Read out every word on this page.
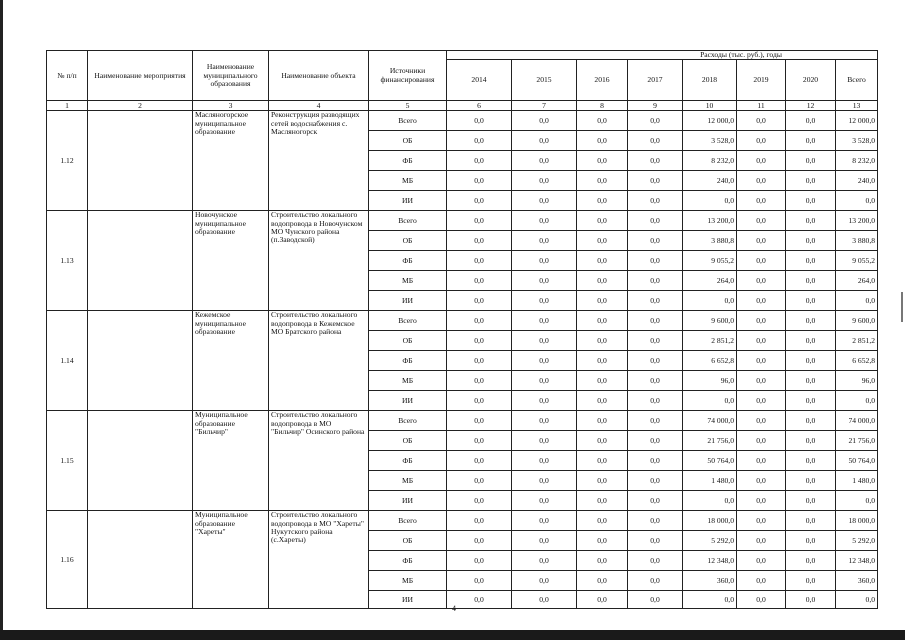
№ п/п	Наименование мероприятия	Наименование муниципального образования	Наименование объекта	Источники финансирования	Расходы (тыс. руб.), годы							
					2014	2015	2016	2017	2018	2019	2020	Всего
1	2	3	4	5	6	7	8	9	10	11	12	13
1.12		Масляногорское муниципальное образование	Реконструкция разводящих сетей водоснабжения с. Масляногорск	Всего	0,0	0,0	0,0	0,0	12 000,0	0,0	0,0	12 000,0
				ОБ	0,0	0,0	0,0	0,0	3 528,0	0,0	0,0	3 528,0
				ФБ	0,0	0,0	0,0	0,0	8 232,0	0,0	0,0	8 232,0
				МБ	0,0	0,0	0,0	0,0	240,0	0,0	0,0	240,0
				ИИ	0,0	0,0	0,0	0,0	0,0	0,0	0,0	0,0
1.13		Новочунское муниципальное образование	Строительство локального водопровода в Новочунском МО Чунского района (п.Заводской)	Всего	0,0	0,0	0,0	0,0	13 200,0	0,0	0,0	13 200,0
				ОБ	0,0	0,0	0,0	0,0	3 880,8	0,0	0,0	3 880,8
				ФБ	0,0	0,0	0,0	0,0	9 055,2	0,0	0,0	9 055,2
				МБ	0,0	0,0	0,0	0,0	264,0	0,0	0,0	264,0
				ИИ	0,0	0,0	0,0	0,0	0,0	0,0	0,0	0,0
1.14		Кежемское муниципальное образование	Строительство локального водопровода в Кежемское МО Братского района	Всего	0,0	0,0	0,0	0,0	9 600,0	0,0	0,0	9 600,0
				ОБ	0,0	0,0	0,0	0,0	2 851,2	0,0	0,0	2 851,2
				ФБ	0,0	0,0	0,0	0,0	6 652,8	0,0	0,0	6 652,8
				МБ	0,0	0,0	0,0	0,0	96,0	0,0	0,0	96,0
				ИИ	0,0	0,0	0,0	0,0	0,0	0,0	0,0	0,0
1.15		Муниципальное образование "Бильчир"	Строительство локального водопровода в МО "Бильчир" Осинского района	Всего	0,0	0,0	0,0	0,0	74 000,0	0,0	0,0	74 000,0
				ОБ	0,0	0,0	0,0	0,0	21 756,0	0,0	0,0	21 756,0
				ФБ	0,0	0,0	0,0	0,0	50 764,0	0,0	0,0	50 764,0
				МБ	0,0	0,0	0,0	0,0	1 480,0	0,0	0,0	1 480,0
				ИИ	0,0	0,0	0,0	0,0	0,0	0,0	0,0	0,0
1.16		Муниципальное образование "Хареты"	Строительство локального водопровода в МО "Хареты" Нукутского района (с.Хареты)	Всего	0,0	0,0	0,0	0,0	18 000,0	0,0	0,0	18 000,0
				ОБ	0,0	0,0	0,0	0,0	5 292,0	0,0	0,0	5 292,0
				ФБ	0,0	0,0	0,0	0,0	12 348,0	0,0	0,0	12 348,0
				МБ	0,0	0,0	0,0	0,0	360,0	0,0	0,0	360,0
				ИИ	0,0	0,0	0,0	0,0	0,0	0,0	0,0	0,0
4
